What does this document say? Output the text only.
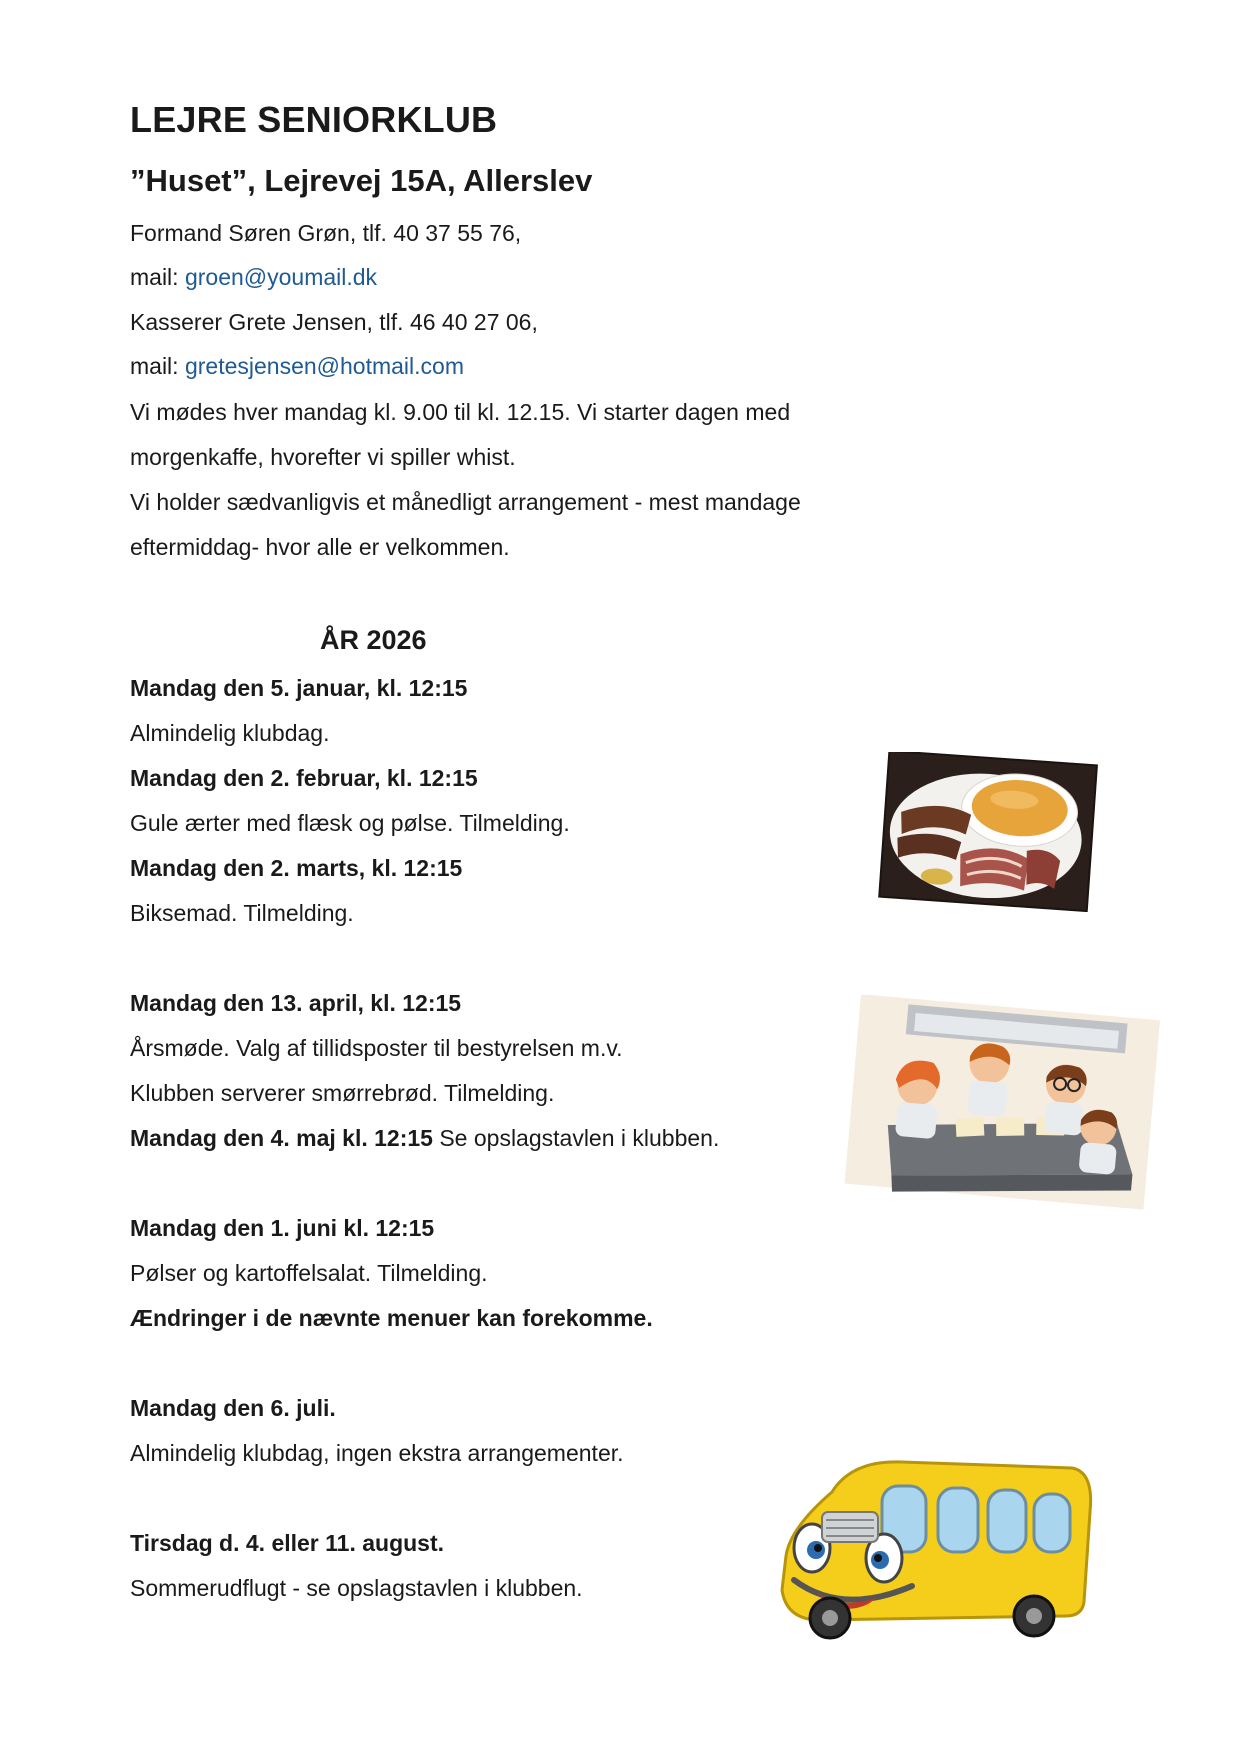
LEJRE SENIORKLUB
”Huset”, Lejrevej 15A, Allerslev

Formand Søren Grøn, tlf. 40 37 55 76,

mail: groen@youmail.dk

Kasserer Grete Jensen, tlf. 46 40 27 06,

mail: gretesjensen@hotmail.com

Vi mødes hver mandag kl. 9.00 til kl. 12.15. Vi starter dagen med

morgenkaffe, hvorefter vi spiller whist.

Vi holder sædvanligvis et månedligt arrangement - mest mandage

eftermiddag- hvor alle er velkommen.

ÅR 2026

Mandag den 5. januar, kl. 12:15

Almindelig klubdag.

Mandag den 2. februar, kl. 12:15

Gule ærter med flæsk og pølse. Tilmelding.

Mandag den 2. marts, kl. 12:15

Biksemad. Tilmelding.

Mandag den 13. april, kl. 12:15

Årsmøde. Valg af tillidsposter til bestyrelsen m.v.

Klubben serverer smørrebrød. Tilmelding.

Mandag den 4. maj kl. 12:15 Se opslagstavlen i klubben.

Mandag den 1. juni kl. 12:15

Pølser og kartoffelsalat. Tilmelding.

Ændringer i de nævnte menuer kan forekomme.

Mandag den 6. juli.

Almindelig klubdag, ingen ekstra arrangementer.

Tirsdag d. 4. eller 11. august.

Sommerudflugt - se opslagstavlen i klubben.
